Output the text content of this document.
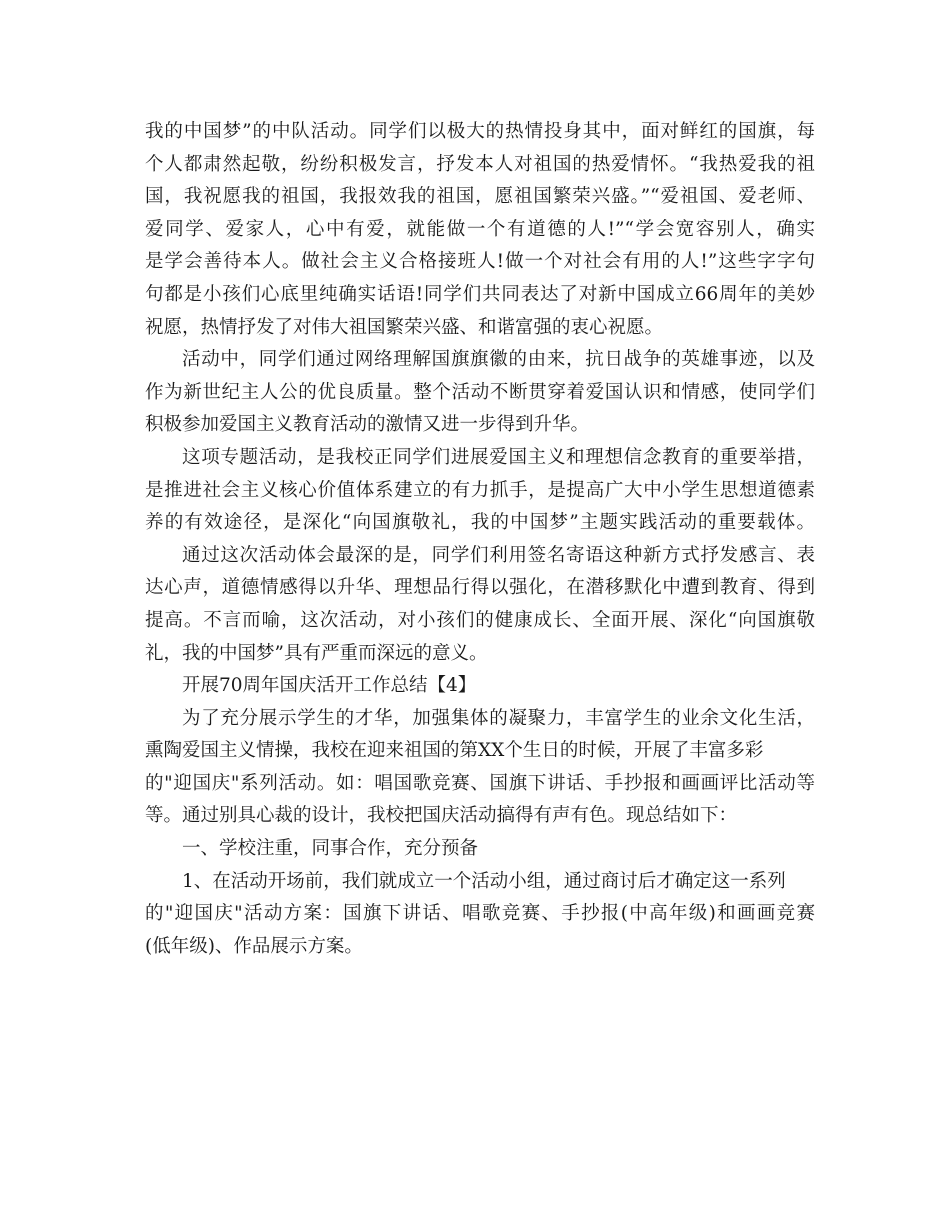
我的中国梦”的中队活动。同学们以极大的热情投身其中，面对鲜红的国旗，每
个人都肃然起敬，纷纷积极发言，抒发本人对祖国的热爱情怀。“我热爱我的祖
国，我祝愿我的祖国，我报效我的祖国，愿祖国繁荣兴盛。”“爱祖国、爱老师、
爱同学、爱家人，心中有爱，就能做一个有道德的人!”“学会宽容别人，确实
是学会善待本人。做社会主义合格接班人!做一个对社会有用的人!”这些字字句
句都是小孩们心底里纯确实话语!同学们共同表达了对新中国成立66周年的美妙
祝愿，热情抒发了对伟大祖国繁荣兴盛、和谐富强的衷心祝愿。
活动中，同学们通过网络理解国旗旗徽的由来，抗日战争的英雄事迹，以及
作为新世纪主人公的优良质量。整个活动不断贯穿着爱国认识和情感，使同学们
积极参加爱国主义教育活动的激情又进一步得到升华。
这项专题活动，是我校正同学们进展爱国主义和理想信念教育的重要举措，
是推进社会主义核心价值体系建立的有力抓手，是提高广大中小学生思想道德素
养的有效途径，是深化“向国旗敬礼，我的中国梦”主题实践活动的重要载体。
通过这次活动体会最深的是，同学们利用签名寄语这种新方式抒发感言、表
达心声，道德情感得以升华、理想品行得以强化，在潜移默化中遭到教育、得到
提高。不言而喻，这次活动，对小孩们的健康成长、全面开展、深化“向国旗敬
礼，我的中国梦”具有严重而深远的意义。
开展70周年国庆活开工作总结【4】
为了充分展示学生的才华，加强集体的凝聚力，丰富学生的业余文化生活，
熏陶爱国主义情操，我校在迎来祖国的第XX个生日的时候，开展了丰富多彩
的"迎国庆"系列活动。如：唱国歌竞赛、国旗下讲话、手抄报和画画评比活动等
等。通过别具心裁的设计，我校把国庆活动搞得有声有色。现总结如下：
一、学校注重，同事合作，充分预备
1、在活动开场前，我们就成立一个活动小组，通过商讨后才确定这一系列
的"迎国庆"活动方案：国旗下讲话、唱歌竞赛、手抄报(中高年级)和画画竞赛
(低年级)、作品展示方案。
